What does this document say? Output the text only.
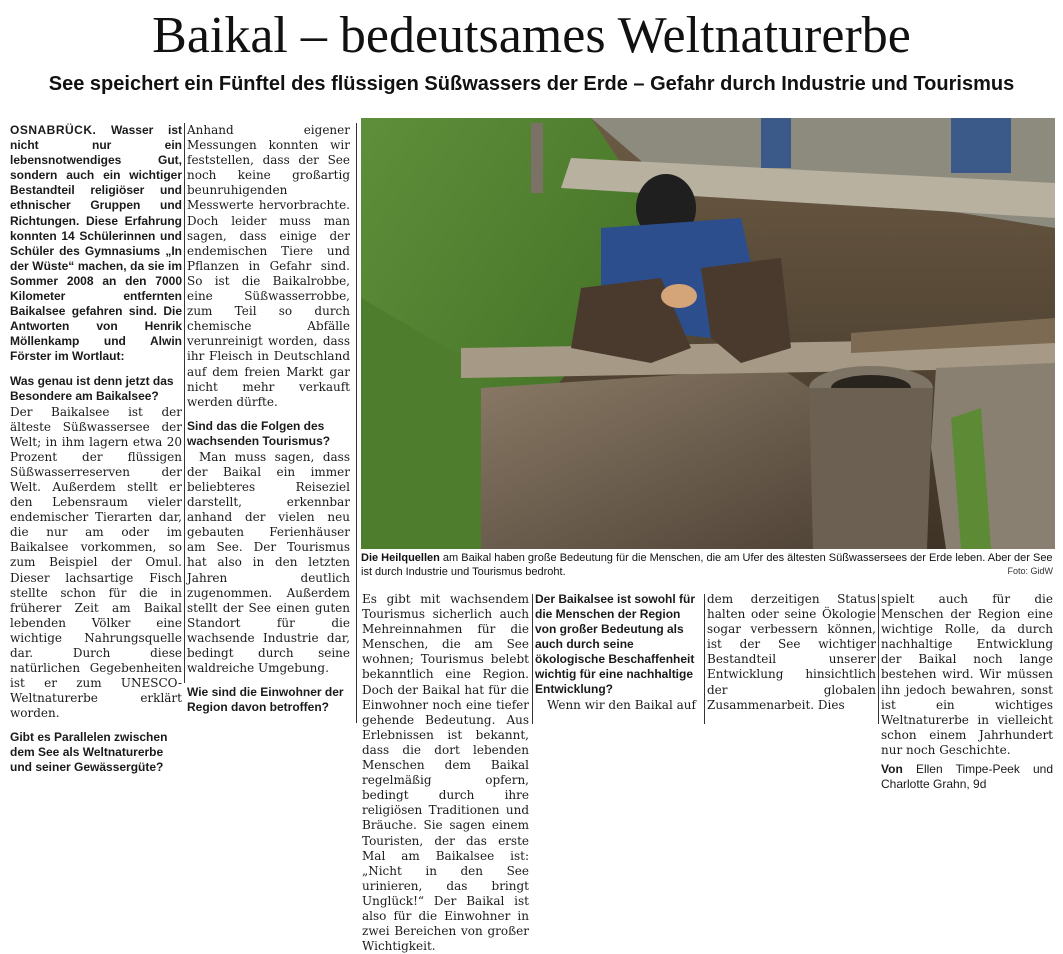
Baikal – bedeutsames Weltnaturerbe
See speichert ein Fünftel des flüssigen Süßwassers der Erde – Gefahr durch Industrie und Tourismus

OSNABRÜCK. Wasser ist nicht nur ein lebensnotwendiges Gut, sondern auch ein wichtiger Bestandteil religiöser und ethnischer Gruppen und Richtungen. Diese Erfahrung konnten 14 Schülerinnen und Schüler des Gymnasiums „In der Wüste“ machen, da sie im Sommer 2008 an den 7000 Kilometer entfernten Baikalsee gefahren sind. Die Antworten von Henrik Möllenkamp und Alwin Förster im Wortlaut:

Was genau ist denn jetzt das Besondere am Baikalsee?

Der Baikalsee ist der älteste Süßwassersee der Welt; in ihm lagern etwa 20 Prozent der flüssigen Süßwasserreserven der Welt. Außerdem stellt er den Lebensraum vieler endemischer Tierarten dar, die nur am oder im Baikalsee vorkommen, so zum Beispiel der Omul. Dieser lachsartige Fisch stellte schon für die in früherer Zeit am Baikal lebenden Völker eine wichtige Nahrungsquelle dar. Durch diese natürlichen Gegebenheiten ist er zum UNESCO-Weltnaturerbe erklärt worden.

Gibt es Parallelen zwischen dem See als Weltnaturerbe und seiner Gewässergüte?

Anhand eigener Messungen konnten wir feststellen, dass der See noch keine großartig beunruhigenden Messwerte hervorbrachte. Doch leider muss man sagen, dass einige der endemischen Tiere und Pflanzen in Gefahr sind. So ist die Baikalrobbe, eine Süßwasserrobbe, zum Teil so durch chemische Abfälle verunreinigt worden, dass ihr Fleisch in Deutschland auf dem freien Markt gar nicht mehr verkauft werden dürfte.

Sind das die Folgen des wachsenden Tourismus?

Man muss sagen, dass der Baikal ein immer beliebteres Reiseziel darstellt, erkennbar anhand der vielen neu gebauten Ferienhäuser am See. Der Tourismus hat also in den letzten Jahren deutlich zugenommen. Außerdem stellt der See einen guten Standort für die wachsende Industrie dar, bedingt durch seine waldreiche Umgebung.

Wie sind die Einwohner der Region davon betroffen?

Die Heilquellen am Baikal haben große Bedeutung für die Menschen, die am Ufer des ältesten Süßwassersees der Erde leben. Aber der See ist durch Industrie und Tourismus bedroht.	Foto: GidW

Es gibt mit wachsendem Tourismus sicherlich auch Mehreinnahmen für die Menschen, die am See wohnen; Tourismus belebt bekanntlich eine Region. Doch der Baikal hat für die Einwohner noch eine tiefer gehende Bedeutung. Aus Erlebnissen ist bekannt, dass die dort lebenden Menschen dem Baikal regelmäßig opfern, bedingt durch ihre religiösen Traditionen und Bräuche. Sie sagen einem Touristen, der das erste Mal am Baikalsee ist: „Nicht in den See urinieren, das bringt Unglück!“ Der Baikal ist also für die Einwohner in zwei Bereichen von großer Wichtigkeit.

Der Baikalsee ist sowohl für die Menschen der Region von großer Bedeutung als auch durch seine ökologische Beschaffenheit wichtig für eine nachhaltige Entwicklung?

Wenn wir den Baikal auf

dem derzeitigen Status halten oder seine Ökologie sogar verbessern können, ist der See wichtiger Bestandteil unserer Entwicklung hinsichtlich der globalen Zusammenarbeit. Dies

spielt auch für die Menschen der Region eine wichtige Rolle, da durch nachhaltige Entwicklung der Baikal noch lange bestehen wird. Wir müssen ihn jedoch bewahren, sonst ist ein wichtiges Weltnaturerbe in vielleicht schon einem Jahrhundert nur noch Geschichte.

Von Ellen Timpe-Peek und Charlotte Grahn, 9d
